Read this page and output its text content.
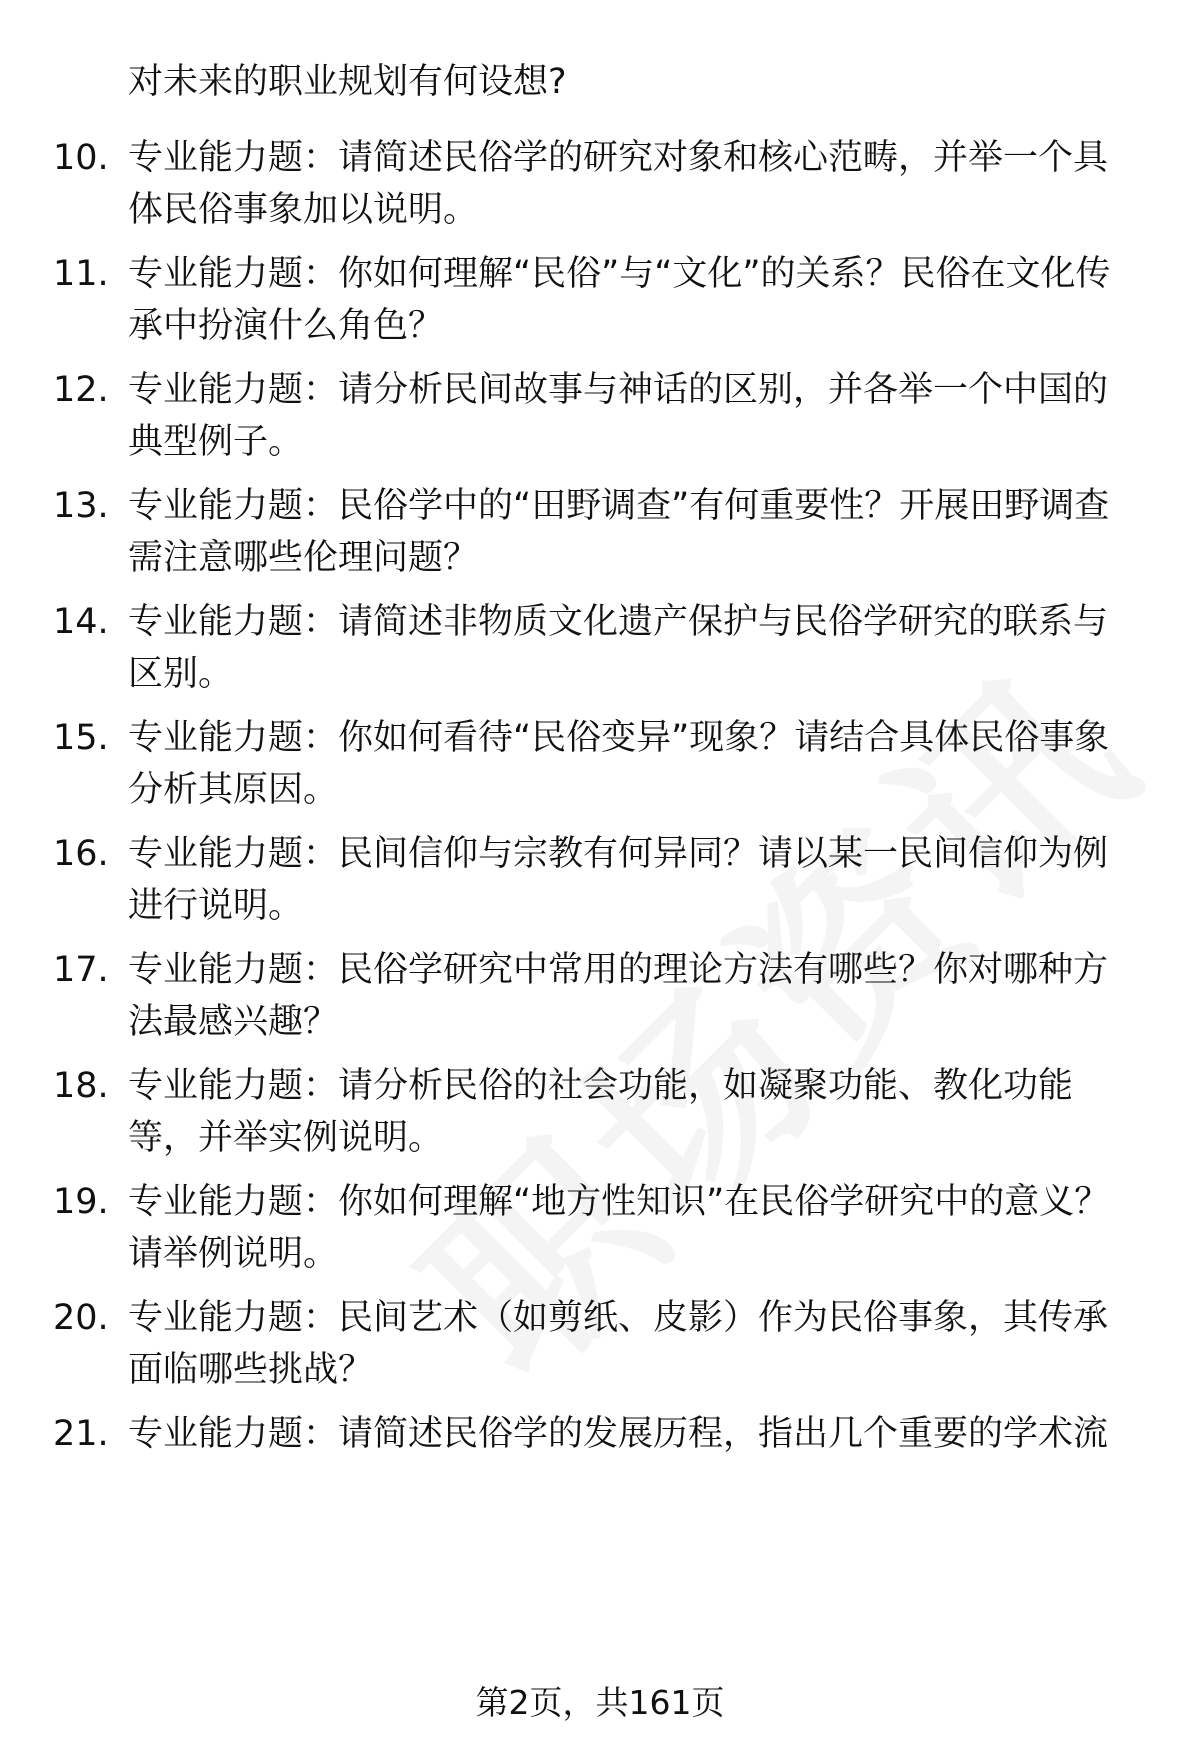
对未来的职业规划有何设想?
10. 专业能力题：请简述民俗学的研究对象和核心范畴，并举一个具体民俗事象加以说明。
11. 专业能力题：你如何理解“民俗”与“文化”的关系？民俗在文化传承中扮演什么角色？
12. 专业能力题：请分析民间故事与神话的区别，并各举一个中国的典型例子。
13. 专业能力题：民俗学中的“田野调查”有何重要性？开展田野调查需注意哪些伦理问题？
14. 专业能力题：请简述非物质文化遗产保护与民俗学研究的联系与区别。
15. 专业能力题：你如何看待“民俗变异”现象？请结合具体民俗事象分析其原因。
16. 专业能力题：民间信仰与宗教有何异同？请以某一民间信仰为例进行说明。
17. 专业能力题：民俗学研究中常用的理论方法有哪些？你对哪种方法最感兴趣？
18. 专业能力题：请分析民俗的社会功能，如凝聚功能、教化功能等，并举实例说明。
19. 专业能力题：你如何理解“地方性知识”在民俗学研究中的意义？请举例说明。
20. 专业能力题：民间艺术（如剪纸、皮影）作为民俗事象，其传承面临哪些挑战？
21. 专业能力题：请简述民俗学的发展历程，指出几个重要的学术流
第2页，共161页
